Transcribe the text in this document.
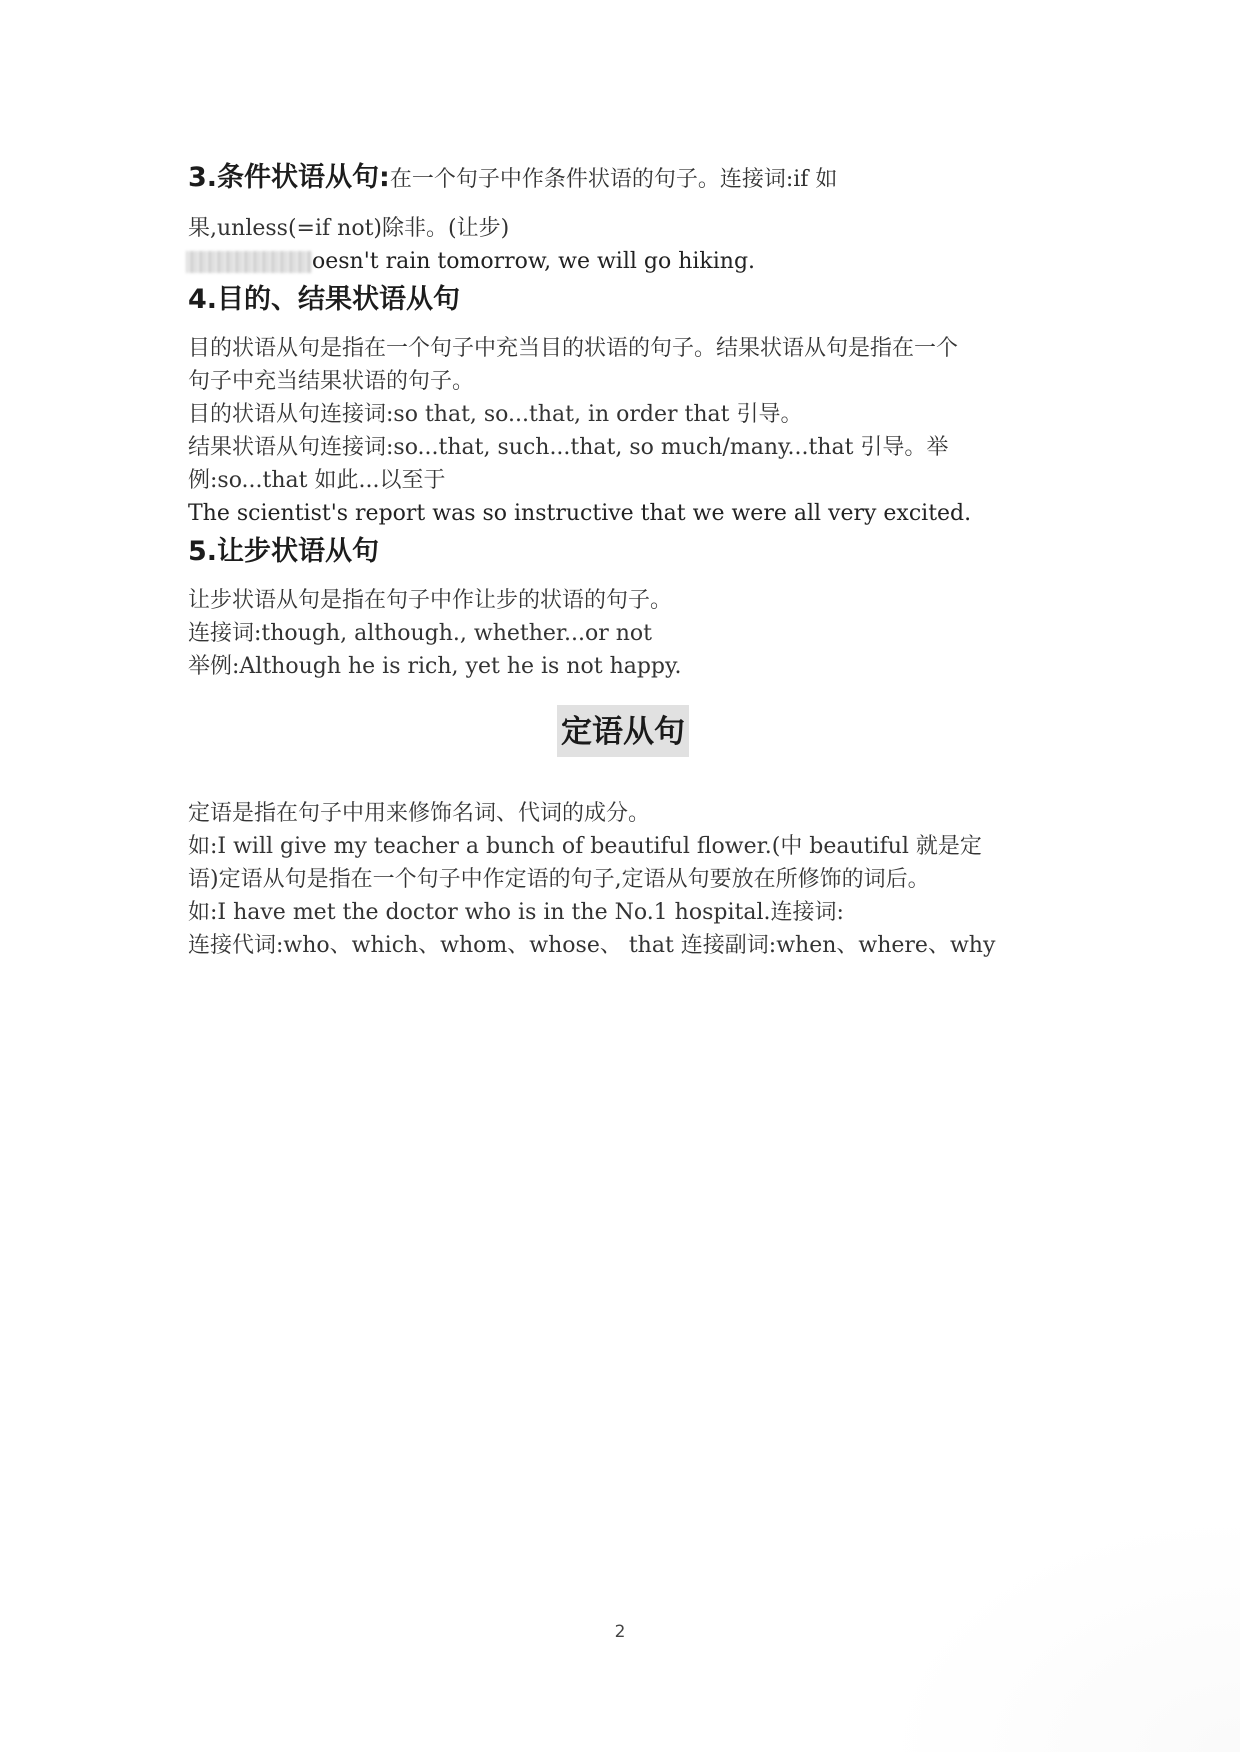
3.条件状语从句:在一个句子中作条件状语的句子。连接词:if 如
果,unless(=if not)除非。(让步)
oesn't rain tomorrow, we will go hiking.
4.目的、结果状语从句
目的状语从句是指在一个句子中充当目的状语的句子。结果状语从句是指在一个
句子中充当结果状语的句子。
目的状语从句连接词:so that, so...that, in order that 引导。
结果状语从句连接词:so...that, such...that, so much/many...that 引导。举
例:so...that 如此...以至于
The scientist's report was so instructive that we were all very excited.
5.让步状语从句
让步状语从句是指在句子中作让步的状语的句子。
连接词:though, although., whether...or not
举例:Although he is rich, yet he is not happy.
定语从句
定语是指在句子中用来修饰名词、代词的成分。
如:I will give my teacher a bunch of beautiful flower.(中 beautiful 就是定
语)定语从句是指在一个句子中作定语的句子,定语从句要放在所修饰的词后。
如:I have met the doctor who is in the No.1 hospital.连接词:
连接代词:who、which、whom、whose、 that 连接副词:when、where、why
2
